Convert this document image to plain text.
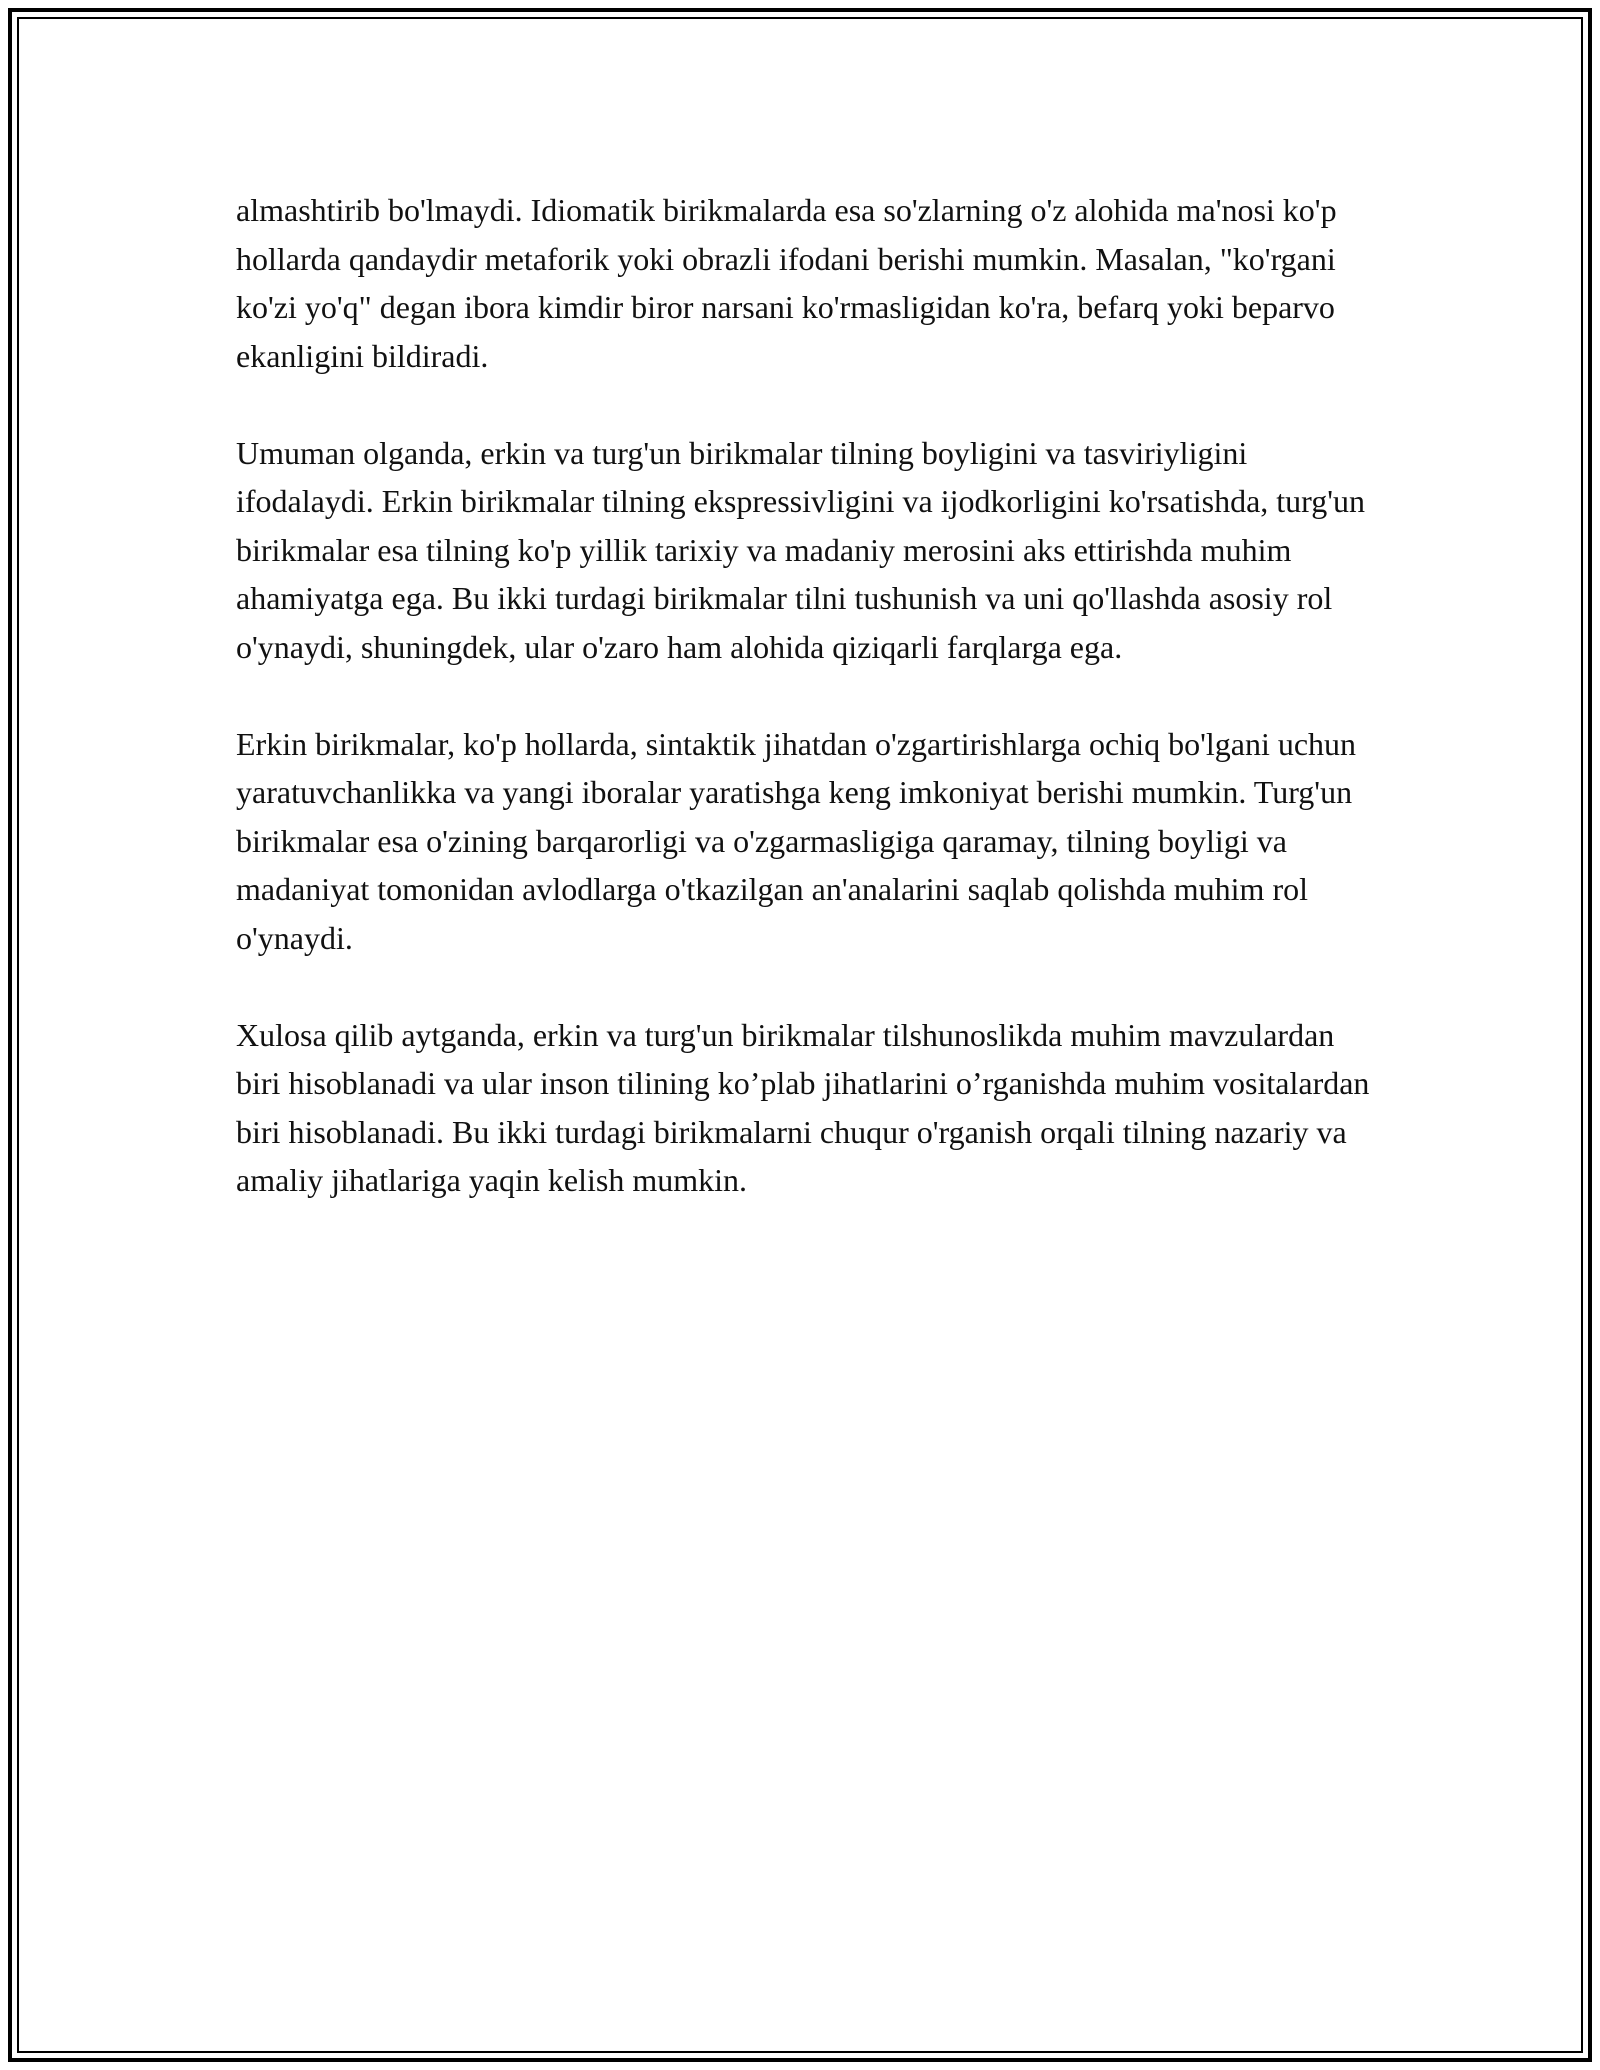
almashtirib bo'lmaydi. Idiomatik birikmalarda esa so'zlarning o'z alohida ma'nosi ko'p hollarda qandaydir metaforik yoki obrazli ifodani berishi mumkin. Masalan, "ko'rgani ko'zi yo'q" degan ibora kimdir biror narsani ko'rmasligidan ko'ra, befarq yoki beparvo ekanligini bildiradi.

Umuman olganda, erkin va turg'un birikmalar tilning boyligini va tasviriyligini ifodalaydi. Erkin birikmalar tilning ekspressivligini va ijodkorligini ko'rsatishda, turg'un birikmalar esa tilning ko'p yillik tarixiy va madaniy merosini aks ettirishda muhim ahamiyatga ega. Bu ikki turdagi birikmalar tilni tushunish va uni qo'llashda asosiy rol o'ynaydi, shuningdek, ular o'zaro ham alohida qiziqarli farqlarga ega.

Erkin birikmalar, ko'p hollarda, sintaktik jihatdan o'zgartirishlarga ochiq bo'lgani uchun yaratuvchanlikka va yangi iboralar yaratishga keng imkoniyat berishi mumkin. Turg'un birikmalar esa o'zining barqarorligi va o'zgarmasligiga qaramay, tilning boyligi va madaniyat tomonidan avlodlarga o'tkazilgan an'analarini saqlab qolishda muhim rol o'ynaydi.

Xulosa qilib aytganda, erkin va turg'un birikmalar tilshunoslikda muhim mavzulardan biri hisoblanadi va ular inson tilining ko’plab jihatlarini o’rganishda muhim vositalardan biri hisoblanadi. Bu ikki turdagi birikmalarni chuqur o'rganish orqali tilning nazariy va amaliy jihatlariga yaqin kelish mumkin.
